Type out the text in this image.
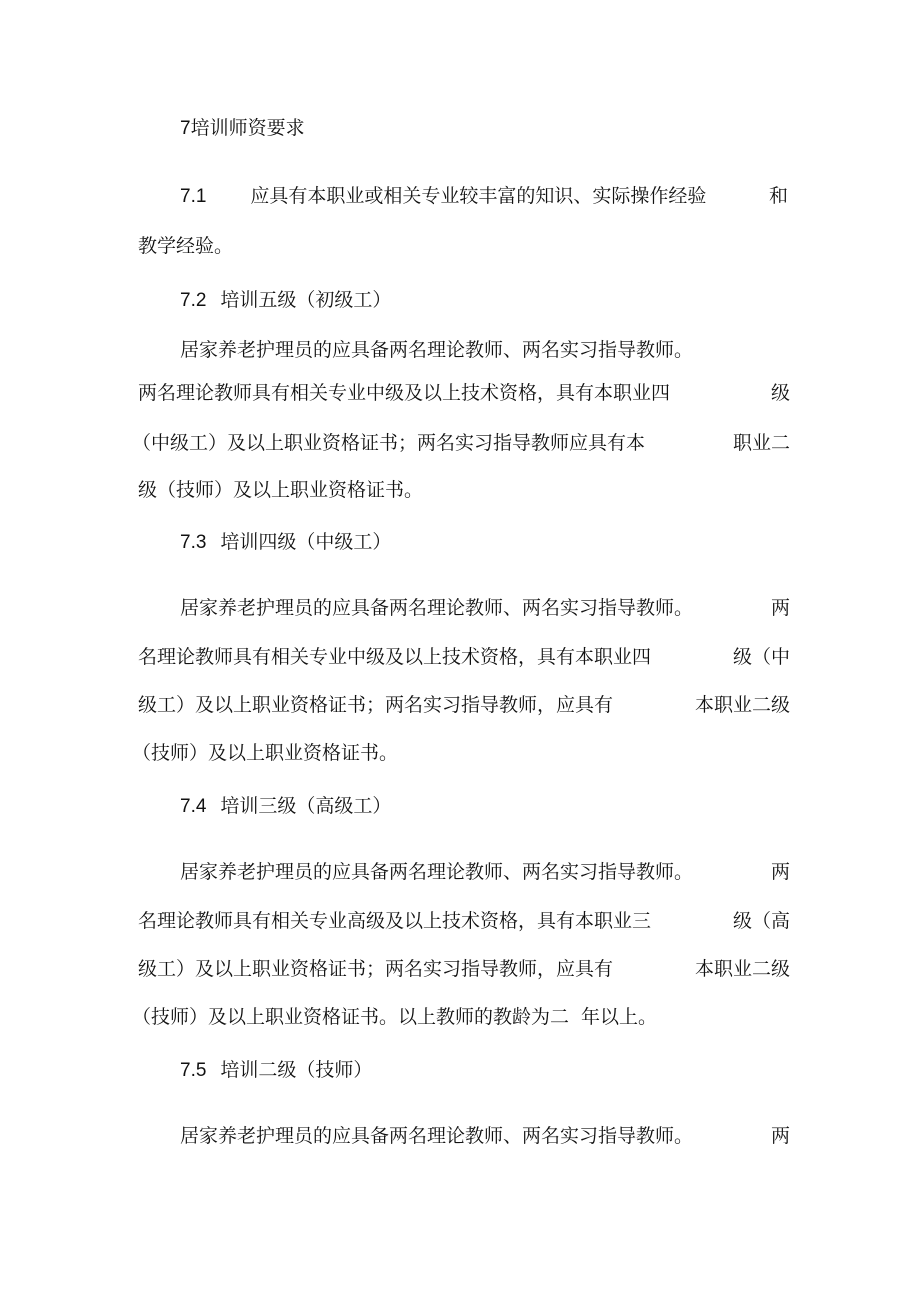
7培训师资要求
7.1 应具有本职业或相关专业较丰富的知识、实际操作经验	和
教学经验。
7.2 培训五级（初级工）
居家养老护理员的应具备两名理论教师、两名实习指导教师。
两名理论教师具有相关专业中级及以上技术资格，具有本职业四	级
（中级工）及以上职业资格证书；两名实习指导教师应具有本	职业二
级（技师）及以上职业资格证书。
7.3 培训四级（中级工）
居家养老护理员的应具备两名理论教师、两名实习指导教师。	两
名理论教师具有相关专业中级及以上技术资格，具有本职业四	级（中
级工）及以上职业资格证书；两名实习指导教师，应具有	本职业二级
（技师）及以上职业资格证书。
7.4 培训三级（高级工）
居家养老护理员的应具备两名理论教师、两名实习指导教师。	两
名理论教师具有相关专业高级及以上技术资格，具有本职业三	级（高
级工）及以上职业资格证书；两名实习指导教师，应具有	本职业二级
（技师）及以上职业资格证书。以上教师的教龄为二 年以上。
7.5 培训二级（技师）
居家养老护理员的应具备两名理论教师、两名实习指导教师。	两
